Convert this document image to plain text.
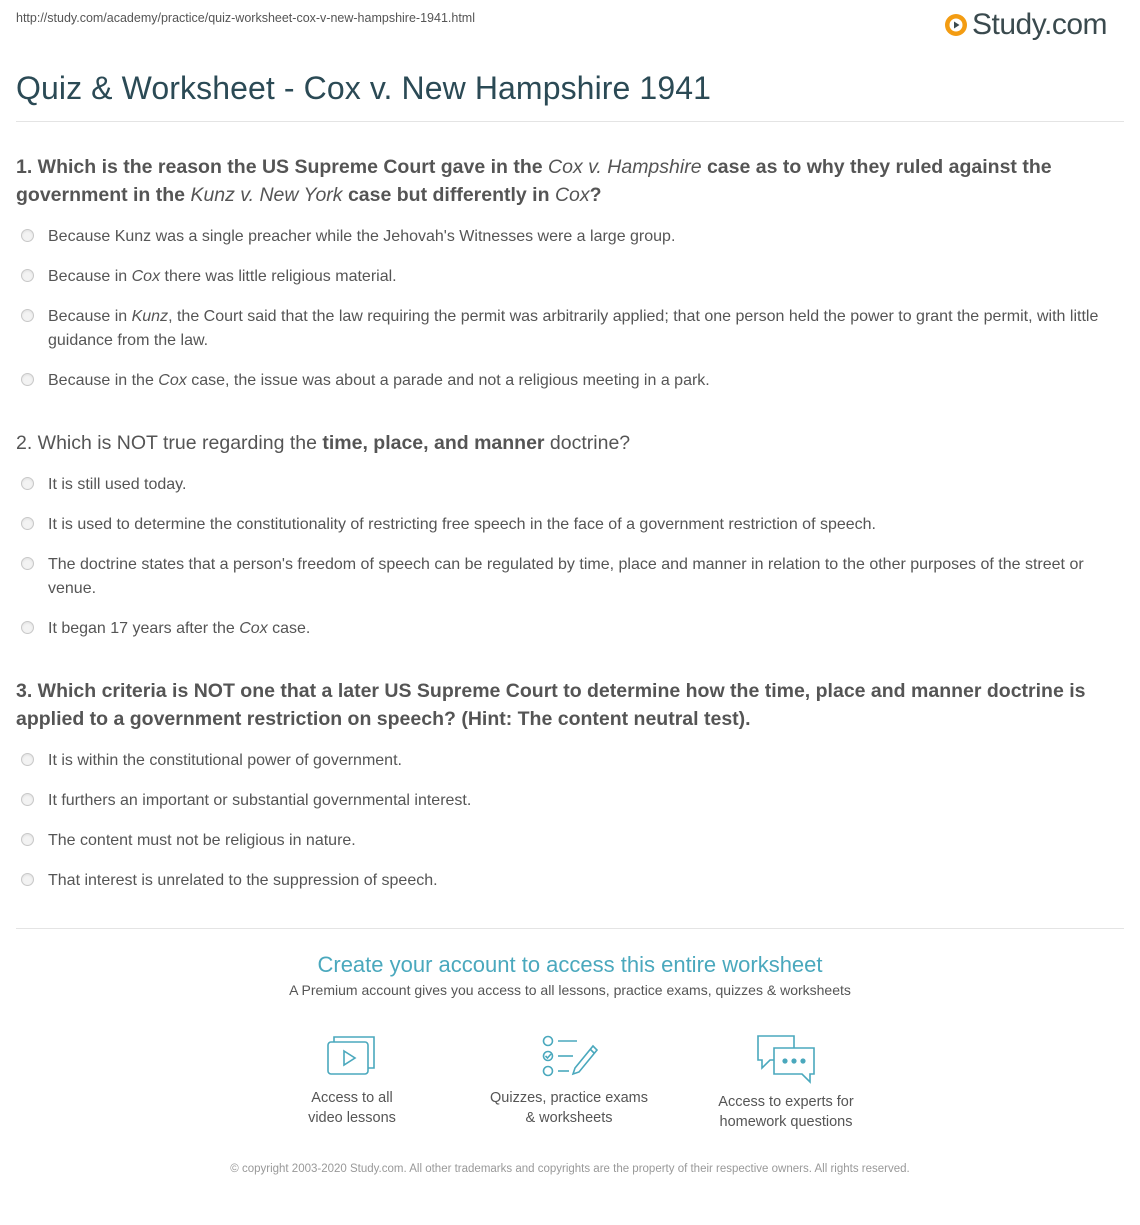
http://study.com/academy/practice/quiz-worksheet-cox-v-new-hampshire-1941.html	Study.com
Quiz & Worksheet - Cox v. New Hampshire 1941
1. Which is the reason the US Supreme Court gave in the Cox v. Hampshire case as to why they ruled against the government in the Kunz v. New York case but differently in Cox?
Because Kunz was a single preacher while the Jehovah's Witnesses were a large group.
Because in Cox there was little religious material.
Because in Kunz, the Court said that the law requiring the permit was arbitrarily applied; that one person held the power to grant the permit, with little guidance from the law.
Because in the Cox case, the issue was about a parade and not a religious meeting in a park.
2. Which is NOT true regarding the time, place, and manner doctrine?
It is still used today.
It is used to determine the constitutionality of restricting free speech in the face of a government restriction of speech.
The doctrine states that a person's freedom of speech can be regulated by time, place and manner in relation to the other purposes of the street or venue.
It began 17 years after the Cox case.
3. Which criteria is NOT one that a later US Supreme Court to determine how the time, place and manner doctrine is applied to a government restriction on speech? (Hint: The content neutral test).
It is within the constitutional power of government.
It furthers an important or substantial governmental interest.
The content must not be religious in nature.
That interest is unrelated to the suppression of speech.
Create your account to access this entire worksheet
A Premium account gives you access to all lessons, practice exams, quizzes & worksheets
Access to all
video lessons
Quizzes, practice exams
& worksheets
Access to experts for
homework questions
© copyright 2003-2020 Study.com. All other trademarks and copyrights are the property of their respective owners. All rights reserved.
